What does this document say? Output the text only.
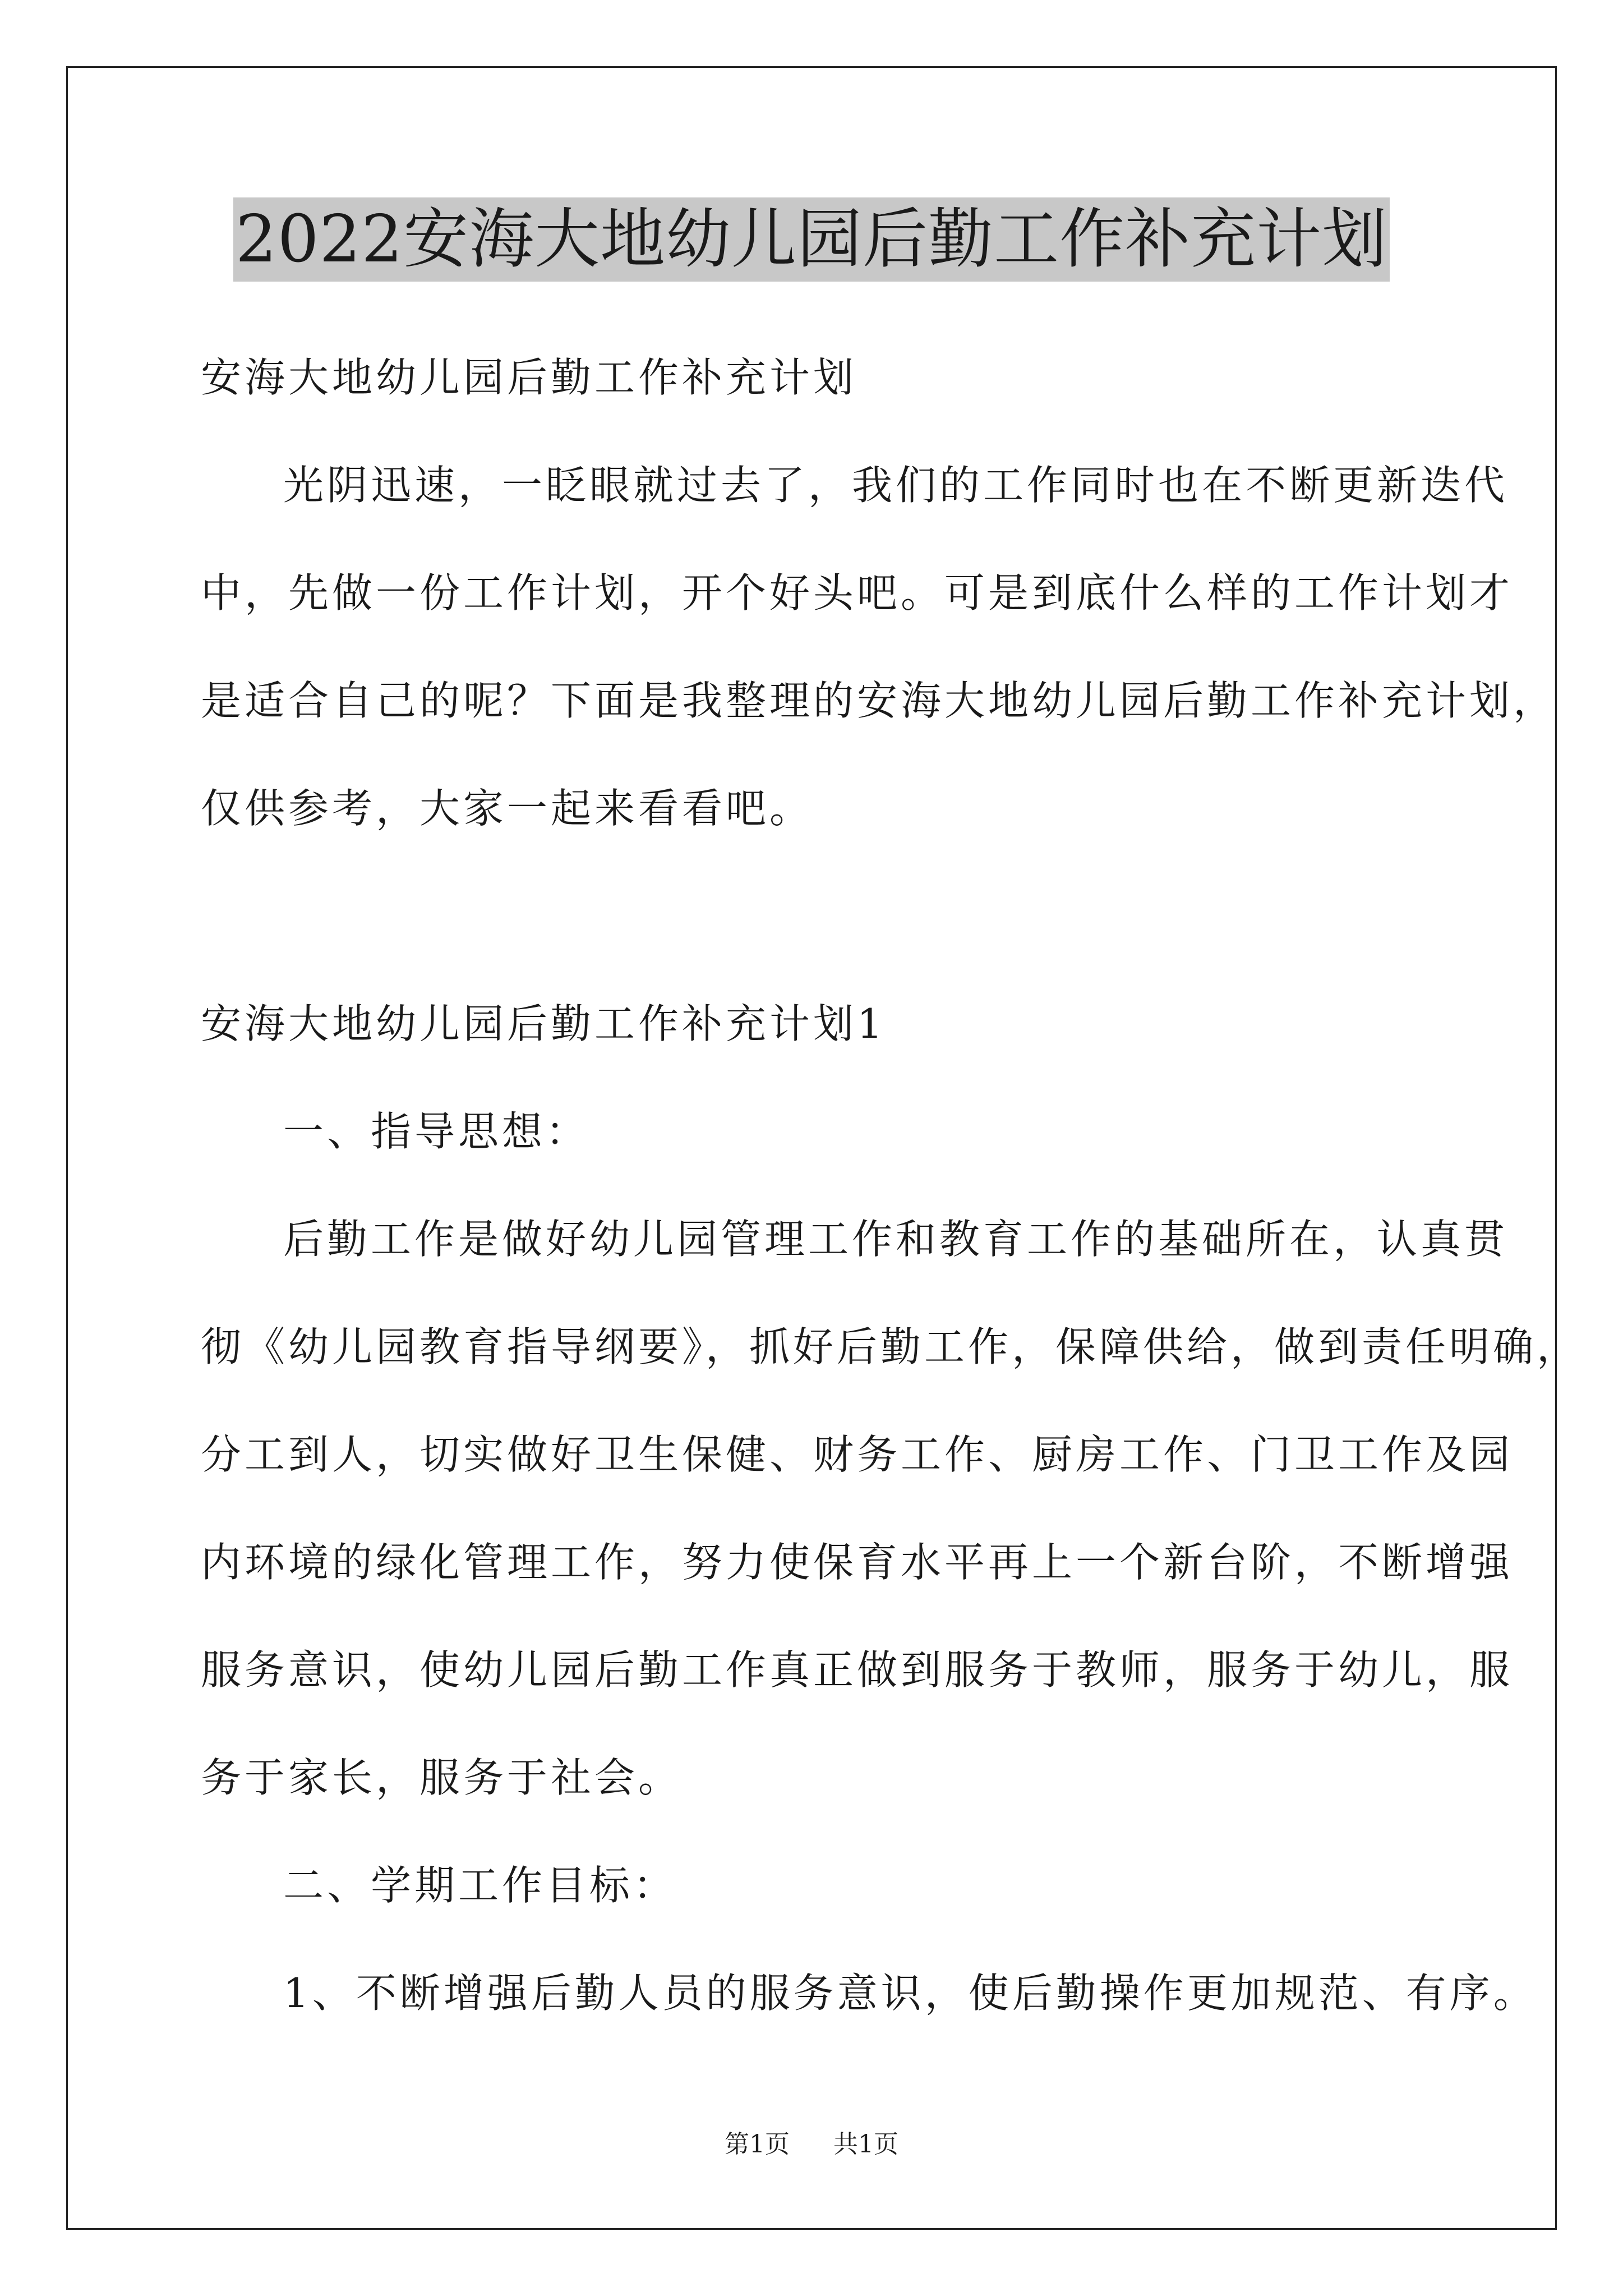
2022安海大地幼儿园后勤工作补充计划
安海大地幼儿园后勤工作补充计划
光阴迅速，一眨眼就过去了，我们的工作同时也在不断更新迭代
中，先做一份工作计划，开个好头吧。可是到底什么样的工作计划才
是适合自己的呢？下面是我整理的安海大地幼儿园后勤工作补充计划，
仅供参考，大家一起来看看吧。
安海大地幼儿园后勤工作补充计划1
一、指导思想：
后勤工作是做好幼儿园管理工作和教育工作的基础所在，认真贯
彻《幼儿园教育指导纲要》，抓好后勤工作，保障供给，做到责任明确，
分工到人，切实做好卫生保健、财务工作、厨房工作、门卫工作及园
内环境的绿化管理工作，努力使保育水平再上一个新台阶，不断增强
服务意识，使幼儿园后勤工作真正做到服务于教师，服务于幼儿，服
务于家长，服务于社会。
二、学期工作目标：
1、不断增强后勤人员的服务意识，使后勤操作更加规范、有序。
第1页 共1页
